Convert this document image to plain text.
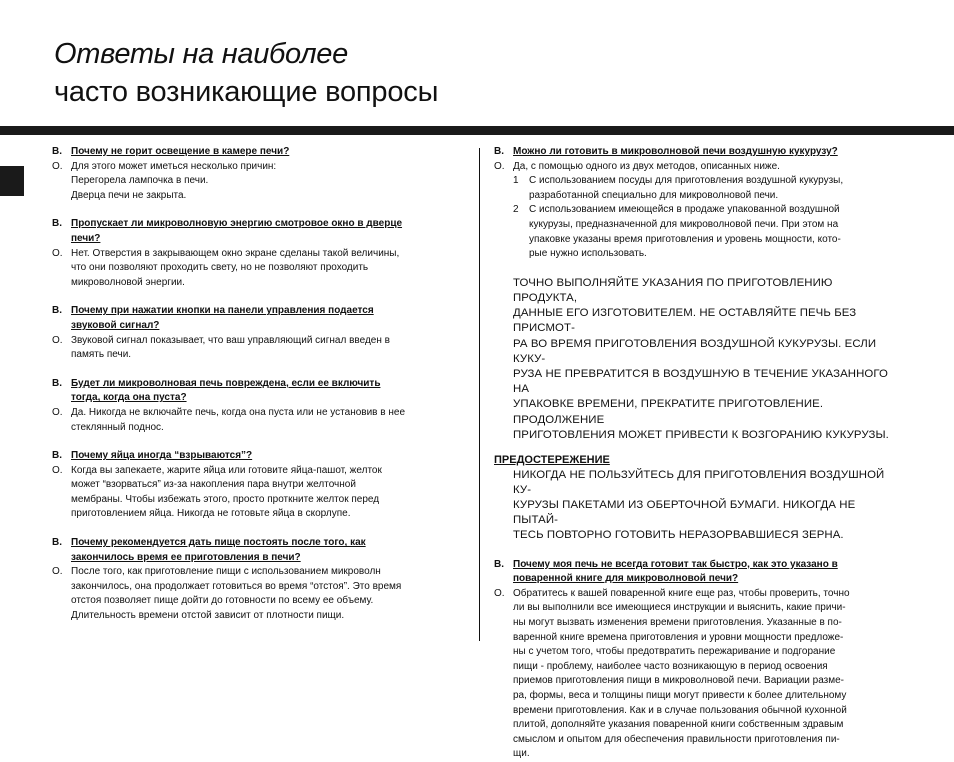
Ответы на наиболее
часто возникающие вопросы
В. Почему не горит освещение в камере печи?
О. Для этого может иметься несколько причин:
Перегорела лампочка в печи.
Дверца печи не закрыта.
В. Пропускает ли микроволновую энергию смотровое окно в дверце
печи?
О. Нет. Отверстия в закрывающем окно экране сделаны такой величины,
что они позволяют проходить свету, но не позволяют проходить
микроволновой энергии.
В. Почему при нажатии кнопки на панели управления подается
звуковой сигнал?
О. Звуковой сигнал показывает, что ваш управляющий сигнал введен в
память печи.
В. Будет ли микроволновая печь повреждена, если ее включить
тогда, когда она пуста?
О. Да. Никогда не включайте печь, когда она пуста или не установив в нее
стеклянный поднос.
В. Почему яйца иногда “взрываются”?
О. Когда вы запекаете, жарите яйца или готовите яйца-пашот, желток
может “взорваться” из-за накопления пара внутри желточной
мембраны. Чтобы избежать этого, просто проткните желток перед
приготовлением яйца. Никогда не готовьте яйца в скорлупе.
В. Почему рекомендуется дать пище постоять после того, как
закончилось время ее приготовления в печи?
О. После того, как приготовление пищи с использованием микроволн
закончилось, она продолжает готовиться во время “отстоя”. Это время
отстоя позволяет пище дойти до готовности по всему ее объему.
Длительность времени отстой зависит от плотности пищи.
В. Можно ли готовить в микроволновой печи воздушную кукурузу?
О. Да, с помощью одного из двух методов, описанных ниже.
1	С использованием посуды для приготовления воздушной кукурузы,
разработанной специально для микроволновой печи.
2	С использованием имеющейся в продаже упакованной воздушной
кукурузы, предназначенной для микроволновой печи. При этом на
упаковке указаны время приготовления и уровень мощности, кото-
рые нужно использовать.
ТОЧНО ВЫПОЛНЯЙТЕ УКАЗАНИЯ ПО ПРИГОТОВЛЕНИЮ ПРОДУКТА,
ДАННЫЕ ЕГО ИЗГОТОВИТЕЛЕМ. НЕ ОСТАВЛЯЙТЕ ПЕЧЬ БЕЗ ПРИСМОТ-
РА ВО ВРЕМЯ ПРИГОТОВЛЕНИЯ ВОЗДУШНОЙ КУКУРУЗЫ. ЕСЛИ КУКУ-
РУЗА НЕ ПРЕВРАТИТСЯ В ВОЗДУШНУЮ В ТЕЧЕНИЕ УКАЗАННОГО НА
УПАКОВКЕ ВРЕМЕНИ, ПРЕКРАТИТЕ ПРИГОТОВЛЕНИЕ. ПРОДОЛЖЕНИЕ
ПРИГОТОВЛЕНИЯ МОЖЕТ ПРИВЕСТИ К ВОЗГОРАНИЮ КУКУРУЗЫ.
ПРЕДОСТЕРЕЖЕНИЕ
НИКОГДА НЕ ПОЛЬЗУЙТЕСЬ ДЛЯ ПРИГОТОВЛЕНИЯ ВОЗДУШНОЙ КУ-
КУРУЗЫ ПАКЕТАМИ ИЗ ОБЕРТОЧНОЙ БУМАГИ. НИКОГДА НЕ ПЫТАЙ-
ТЕСЬ ПОВТОРНО ГОТОВИТЬ НЕРАЗОРВАВШИЕСЯ ЗЕРНА.
В. Почему моя печь не всегда готовит так быстро, как это указано в
поваренной книге для микроволновой печи?
О. Обратитесь к вашей поваренной книге еще раз, чтобы проверить, точно
ли вы выполнили все имеющиеся инструкции и выяснить, какие причи-
ны могут вызвать изменения времени приготовления. Указанные в по-
варенной книге времена приготовления и уровни мощности предложе-
ны с учетом того, чтобы предотвратить пережаривание и подгорание
пищи - проблему, наиболее часто возникающую в период освоения
приемов приготовления пищи в микроволновой печи. Вариации разме-
ра, формы, веса и толщины пищи могут привести к более длительному
времени приготовления. Как и в случае пользования обычной кухонной
плитой, дополняйте указания поваренной книги собственным здравым
смыслом и опытом для обеспечения правильности приготовления пи-
щи.
